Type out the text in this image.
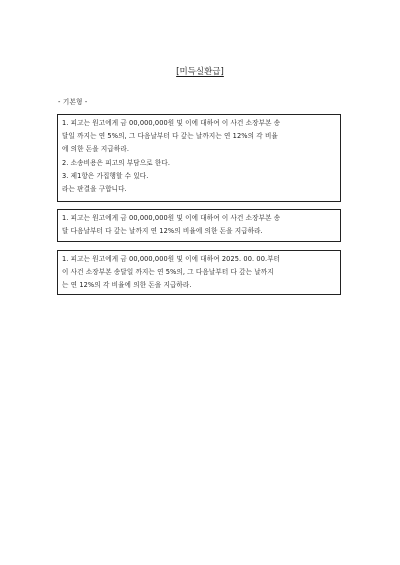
[미득실환급]
- 기본형 -

1. 피고는 원고에게 금 00,000,000원 및 이에 대하여 이 사건 소장부본 송

달일 까지는 연 5%의, 그 다음날부터 다 갚는 날까지는 연 12%의 각 비율

에 의한 돈을 지급하라.

2. 소송비용은 피고의 부담으로 한다.

3. 제1항은 가집행할 수 있다.

라는 판결을 구합니다.

1. 피고는 원고에게 금 00,000,000원 및 이에 대하여 이 사건 소장부본 송

달 다음날부터 다 갚는 날까지 연 12%의 비율에 의한 돈을 지급하라.

1. 피고는 원고에게 금 00,000,000원 및 이에 대하여 2025. 00. 00.부터

이 사건 소장부본 송달일 까지는 연 5%의, 그 다음날부터 다 갚는 날까지

는 연 12%의 각 비율에 의한 돈을 지급하라.
